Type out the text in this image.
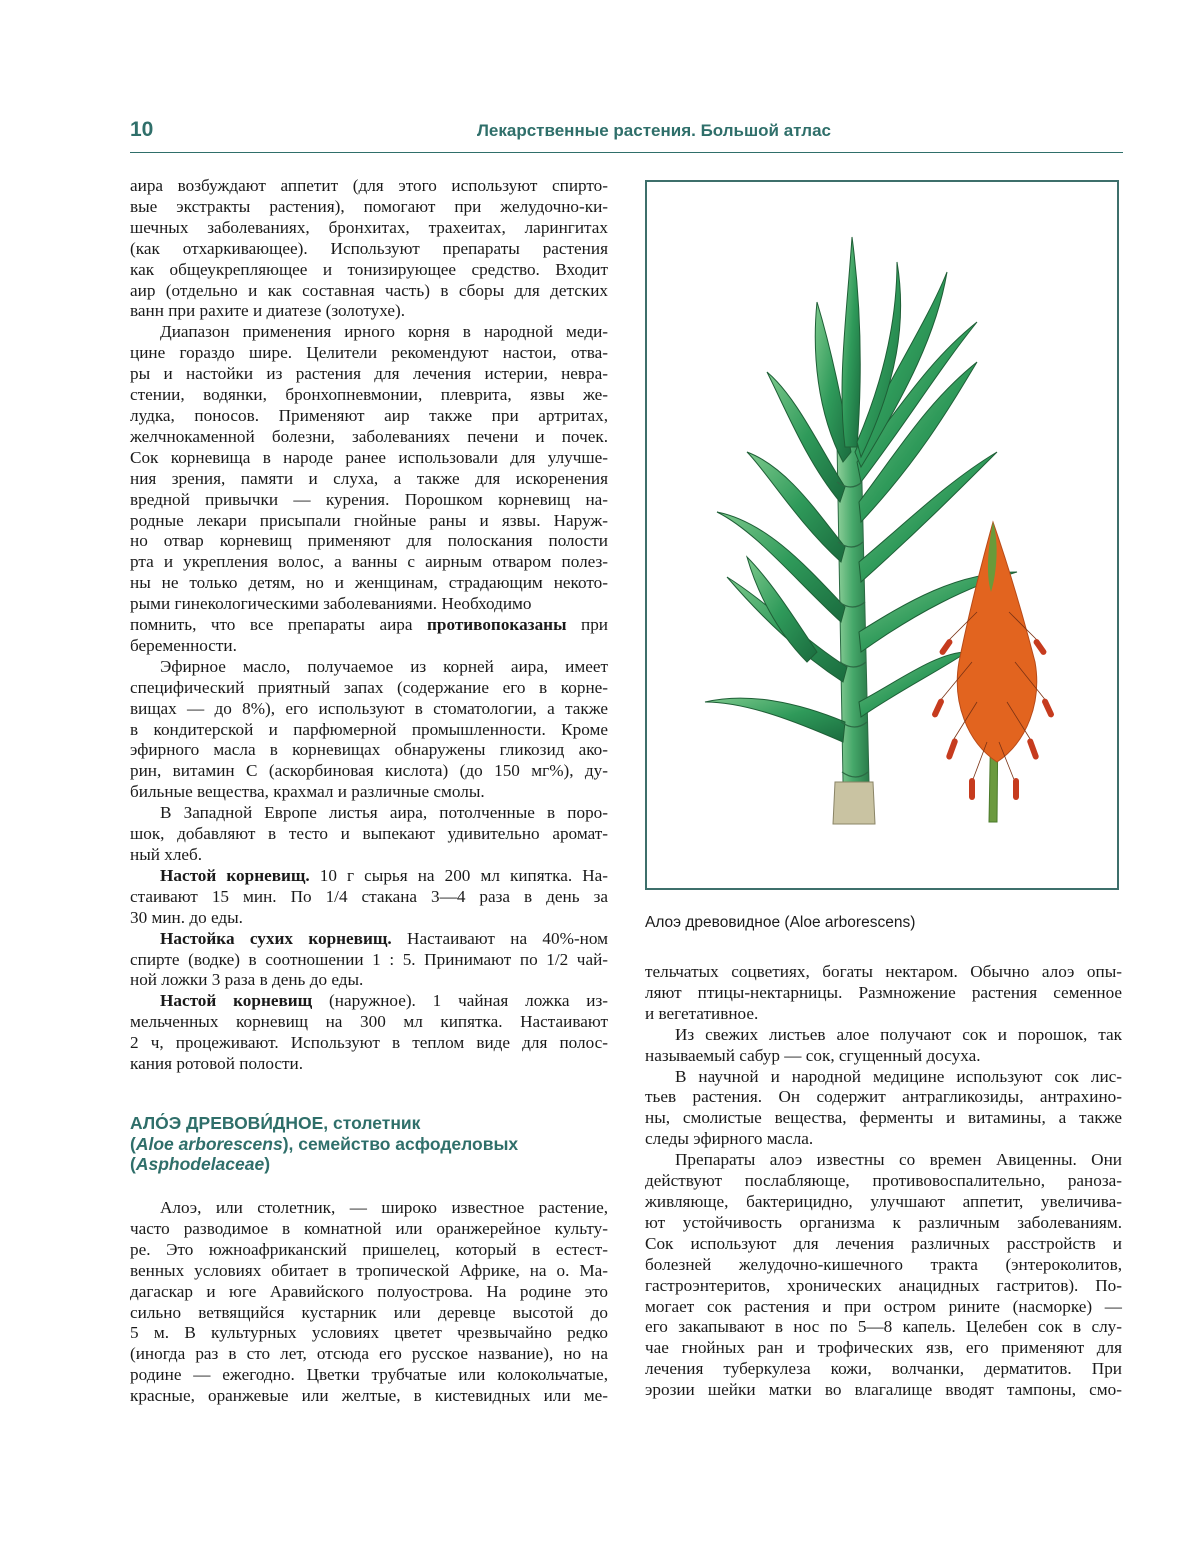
10	Лекарственные растения. Большой атлас
аира возбуждают аппетит (для этого используют спирто-
вые экстракты растения), помогают при желудочно-ки-
шечных заболеваниях, бронхитах, трахеитах, ларингитах
(как отхаркивающее). Используют препараты растения
как общеукрепляющее и тонизирующее средство. Входит
аир (отдельно и как составная часть) в сборы для детских
ванн при рахите и диатезе (золотухе).
Диапазон применения ирного корня в народной меди-
цине гораздо шире. Целители рекомендуют настои, отва-
ры и настойки из растения для лечения истерии, невра-
стении, водянки, бронхопневмонии, плеврита, язвы же-
лудка, поносов. Применяют аир также при артритах,
желчнокаменной болезни, заболеваниях печени и почек.
Сок корневища в народе ранее использовали для улучше-
ния зрения, памяти и слуха, а также для искоренения
вредной привычки — курения. Порошком корневищ на-
родные лекари присыпали гнойные раны и язвы. Наруж-
но отвар корневищ применяют для полоскания полости
рта и укрепления волос, а ванны с аирным отваром полез-
ны не только детям, но и женщинам, страдающим некото-
рыми гинекологическими заболеваниями. Необходимо
помнить, что все препараты аира противопоказаны при
беременности.
Эфирное масло, получаемое из корней аира, имеет
специфический приятный запах (содержание его в корне-
вищах — до 8%), его используют в стоматологии, а также
в кондитерской и парфюмерной промышленности. Кроме
эфирного масла в корневищах обнаружены гликозид ако-
рин, витамин С (аскорбиновая кислота) (до 150 мг%), ду-
бильные вещества, крахмал и различные смолы.
В Западной Европе листья аира, потолченные в поро-
шок, добавляют в тесто и выпекают удивительно аромат-
ный хлеб.
Настой корневищ. 10 г сырья на 200 мл кипятка. На-
стаивают 15 мин. По 1/4 стакана 3—4 раза в день за
30 мин. до еды.
Настойка сухих корневищ. Настаивают на 40%-ном
спирте (водке) в соотношении 1 : 5. Принимают по 1/2 чай-
ной ложки 3 раза в день до еды.
Настой корневищ (наружное). 1 чайная ложка из-
мельченных корневищ на 300 мл кипятка. Настаивают
2 ч, процеживают. Используют в теплом виде для полос-
кания ротовой полости.
АЛО́Э ДРЕВОВИ́ДНОЕ, столетник
(Aloe arborescens), семейство асфоделовых
(Asphodelaceae)
Алоэ, или столетник, — широко известное растение,
часто разводимое в комнатной или оранжерейное культу-
ре. Это южноафриканский пришелец, который в естест-
венных условиях обитает в тропической Африке, на о. Ма-
дагаскар и юге Аравийского полуострова. На родине это
сильно ветвящийся кустарник или деревце высотой до
5 м. В культурных условиях цветет чрезвычайно редко
(иногда раз в сто лет, отсюда его русское название), но на
родине — ежегодно. Цветки трубчатые или колокольчатые,
красные, оранжевые или желтые, в кистевидных или ме-
Алоэ древовидное (Aloe arborescens)
тельчатых соцветиях, богаты нектаром. Обычно алоэ опы-
ляют птицы-нектарницы. Размножение растения семенное
и вегетативное.
Из свежих листьев алое получают сок и порошок, так
называемый сабур — сок, сгущенный досуха.
В научной и народной медицине используют сок лис-
тьев растения. Он содержит антрагликозиды, антрахино-
ны, смолистые вещества, ферменты и витамины, а также
следы эфирного масла.
Препараты алоэ известны со времен Авиценны. Они
действуют послабляюще, противовоспалительно, раноза-
живляюще, бактерицидно, улучшают аппетит, увеличива-
ют устойчивость организма к различным заболеваниям.
Сок используют для лечения различных расстройств и
болезней желудочно-кишечного тракта (энтероколитов,
гастроэнтеритов, хронических анацидных гастритов). По-
могает сок растения и при остром рините (насморке) —
его закапывают в нос по 5—8 капель. Целебен сок в слу-
чае гнойных ран и трофических язв, его применяют для
лечения туберкулеза кожи, волчанки, дерматитов. При
эрозии шейки матки во влагалище вводят тампоны, смо-
